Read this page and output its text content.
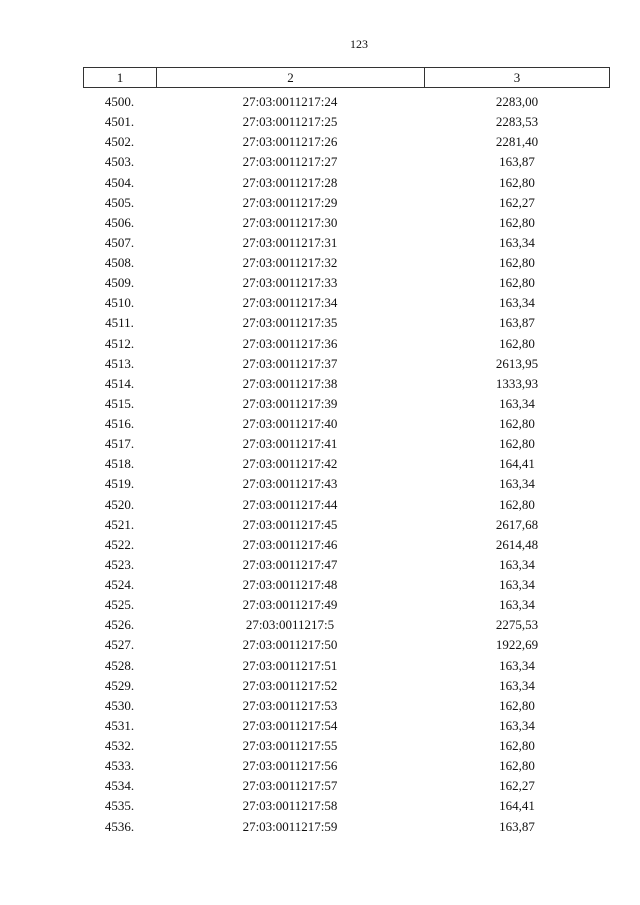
123
1	2	3
4500.	27:03:0011217:24	2283,00
4501.	27:03:0011217:25	2283,53
4502.	27:03:0011217:26	2281,40
4503.	27:03:0011217:27	163,87
4504.	27:03:0011217:28	162,80
4505.	27:03:0011217:29	162,27
4506.	27:03:0011217:30	162,80
4507.	27:03:0011217:31	163,34
4508.	27:03:0011217:32	162,80
4509.	27:03:0011217:33	162,80
4510.	27:03:0011217:34	163,34
4511.	27:03:0011217:35	163,87
4512.	27:03:0011217:36	162,80
4513.	27:03:0011217:37	2613,95
4514.	27:03:0011217:38	1333,93
4515.	27:03:0011217:39	163,34
4516.	27:03:0011217:40	162,80
4517.	27:03:0011217:41	162,80
4518.	27:03:0011217:42	164,41
4519.	27:03:0011217:43	163,34
4520.	27:03:0011217:44	162,80
4521.	27:03:0011217:45	2617,68
4522.	27:03:0011217:46	2614,48
4523.	27:03:0011217:47	163,34
4524.	27:03:0011217:48	163,34
4525.	27:03:0011217:49	163,34
4526.	27:03:0011217:5	2275,53
4527.	27:03:0011217:50	1922,69
4528.	27:03:0011217:51	163,34
4529.	27:03:0011217:52	163,34
4530.	27:03:0011217:53	162,80
4531.	27:03:0011217:54	163,34
4532.	27:03:0011217:55	162,80
4533.	27:03:0011217:56	162,80
4534.	27:03:0011217:57	162,27
4535.	27:03:0011217:58	164,41
4536.	27:03:0011217:59	163,87
